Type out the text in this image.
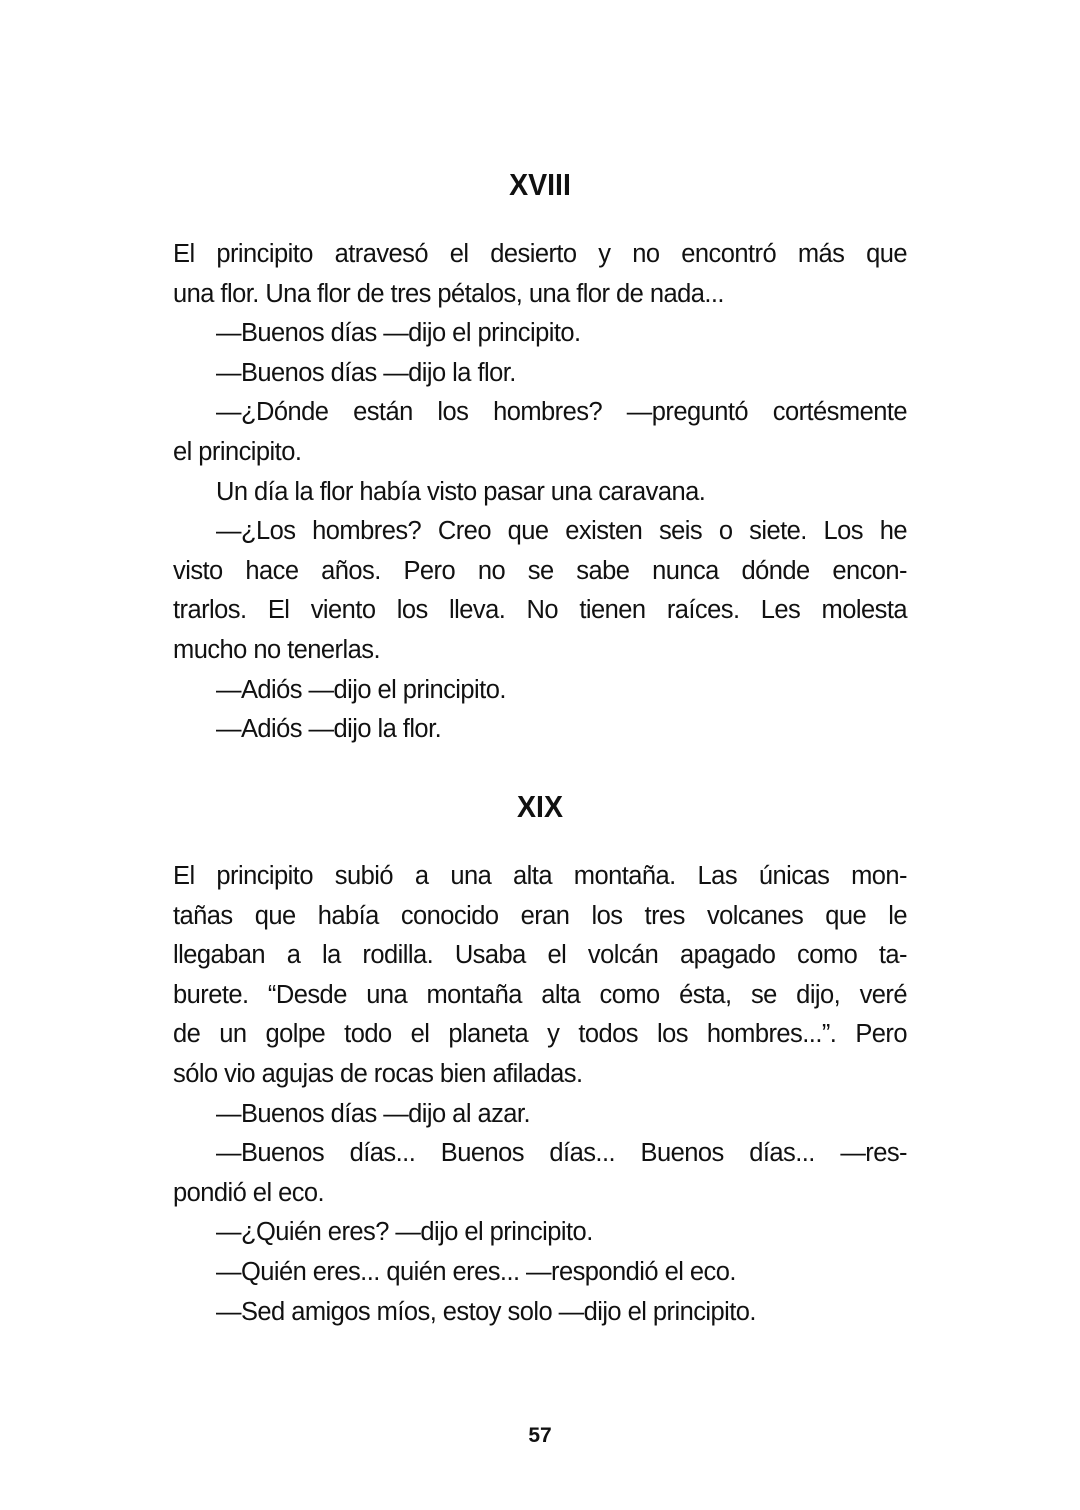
XVIII
El principito atravesó el desierto y no encontró más que
una flor. Una flor de tres pétalos, una flor de nada...
—Buenos días —dijo el principito.
—Buenos días —dijo la flor.
—¿Dónde están los hombres? —preguntó cortésmente
el principito.
Un día la flor había visto pasar una caravana.
—¿Los hombres? Creo que existen seis o siete. Los he
visto hace años. Pero no se sabe nunca dónde encon-
trarlos. El viento los lleva. No tienen raíces. Les molesta
mucho no tenerlas.
—Adiós —dijo el principito.
—Adiós —dijo la flor.
XIX
El principito subió a una alta montaña. Las únicas mon-
tañas que había conocido eran los tres volcanes que le
llegaban a la rodilla. Usaba el volcán apagado como ta-
burete. “Desde una montaña alta como ésta, se dijo, veré
de un golpe todo el planeta y todos los hombres...”. Pero
sólo vio agujas de rocas bien afiladas.
—Buenos días —dijo al azar.
—Buenos días... Buenos días... Buenos días... —res-
pondió el eco.
—¿Quién eres? —dijo el principito.
—Quién eres... quién eres... —respondió el eco.
—Sed amigos míos, estoy solo —dijo el principito.
57
